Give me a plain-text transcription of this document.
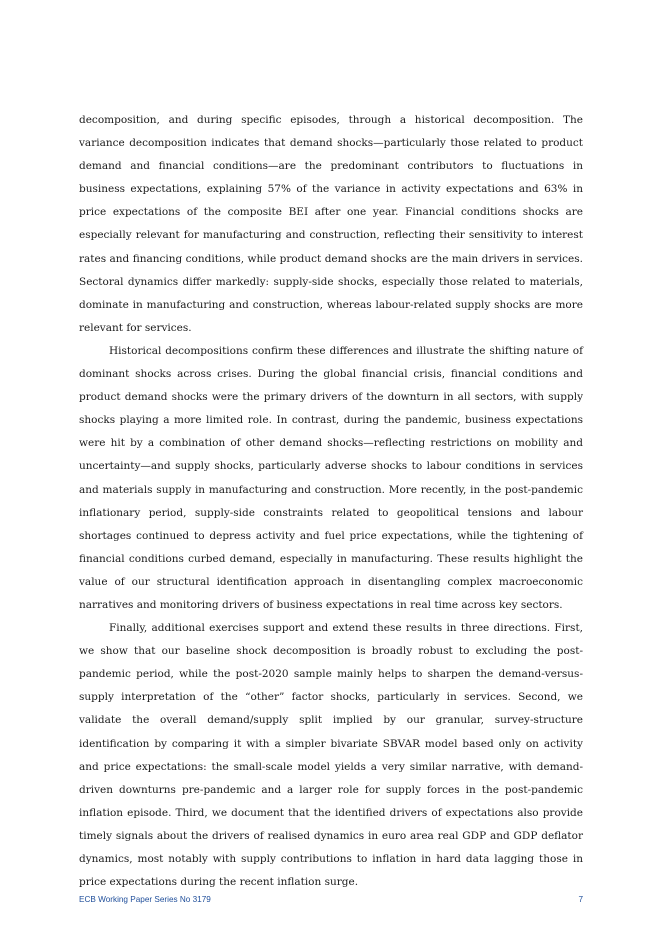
decomposition, and during specific episodes, through a historical decomposition. The variance decomposition indicates that demand shocks—particularly those related to product demand and financial conditions—are the predominant contributors to fluctuations in business expectations, explaining 57% of the variance in activity expectations and 63% in price expectations of the composite BEI after one year. Financial conditions shocks are especially relevant for manufacturing and construction, reflecting their sensitivity to interest rates and financing conditions, while product demand shocks are the main drivers in services. Sectoral dynamics differ markedly: supply-side shocks, especially those related to materials, dominate in manufacturing and construction, whereas labour-related supply shocks are more relevant for services.

Historical decompositions confirm these differences and illustrate the shifting nature of dominant shocks across crises. During the global financial crisis, financial conditions and product demand shocks were the primary drivers of the downturn in all sectors, with supply shocks playing a more limited role. In contrast, during the pandemic, business expectations were hit by a combination of other demand shocks—reflecting restrictions on mobility and uncertainty—and supply shocks, particularly adverse shocks to labour conditions in services and materials supply in manufacturing and construction. More recently, in the post-pandemic inflationary period, supply-side constraints related to geopolitical tensions and labour shortages continued to depress activity and fuel price expectations, while the tightening of financial conditions curbed demand, especially in manufacturing. These results highlight the value of our structural identification approach in disentangling complex macroeconomic narratives and monitoring drivers of business expectations in real time across key sectors.

Finally, additional exercises support and extend these results in three directions. First, we show that our baseline shock decomposition is broadly robust to excluding the post-pandemic period, while the post-2020 sample mainly helps to sharpen the demand-versus-supply interpretation of the “other” factor shocks, particularly in services. Second, we validate the overall demand/supply split implied by our granular, survey-structure identification by comparing it with a simpler bivariate SBVAR model based only on activity and price expectations: the small-scale model yields a very similar narrative, with demand-driven downturns pre-pandemic and a larger role for supply forces in the post-pandemic inflation episode. Third, we document that the identified drivers of expectations also provide timely signals about the drivers of realised dynamics in euro area real GDP and GDP deflator dynamics, most notably with supply contributions to inflation in hard data lagging those in price expectations during the recent inflation surge.

ECB Working Paper Series No 3179	7
